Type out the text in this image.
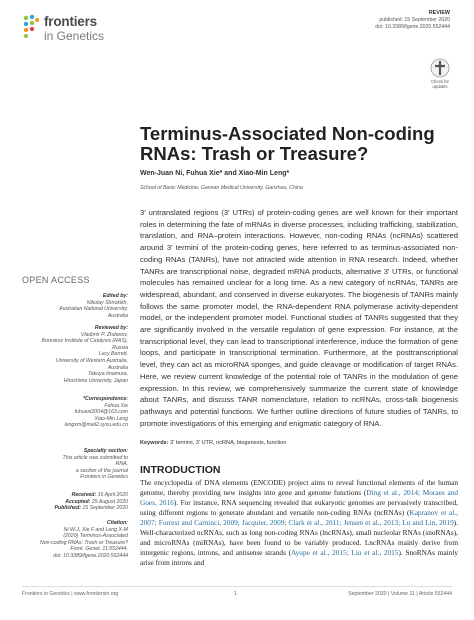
frontiers
in Genetics
REVIEW
published: 15 September 2020
doi: 10.3389/fgene.2020.552444
Check for updates
Terminus-Associated Non-coding RNAs: Trash or Treasure?
Wen-Juan Ni, Fuhua Xie* and Xiao-Min Leng*
School of Basic Medicine, Gannan Medical University, Ganzhou, China
3′ untranslated regions (3′ UTRs) of protein-coding genes are well known for their important roles in determining the fate of mRNAs in diverse processes, including trafficking, stabilization, translation, and RNA–protein interactions. However, non-coding RNAs (ncRNAs) scattered around 3′ termini of the protein-coding genes, here referred to as terminus-associated non-coding RNAs (TANRs), have not attracted wide attention in RNA research. Indeed, whether TANRs are transcriptional noise, degraded mRNA products, alternative 3′ UTRs, or functional molecules has remained unclear for a long time. As a new category of ncRNAs, TANRs are widespread, abundant, and conserved in diverse eukaryotes. The biogenesis of TANRs mainly follows the same promoter model, the RNA-dependent RNA polymerase activity-dependent model, or the independent promoter model. Functional studies of TANRs suggested that they are significantly involved in the versatile regulation of gene expression. For instance, at the transcriptional level, they can lead to transcriptional interference, induce the formation of gene loops, and participate in transcriptional termination. Furthermore, at the posttranscriptional level, they can act as microRNA sponges, and guide cleavage or modification of target RNAs. Here, we review current knowledge of the potential role of TANRs in the modulation of gene expression. In this review, we comprehensively summarize the current state of knowledge about TANRs, and discuss TANR nomenclature, relation to ncRNAs, cross-talk biogenesis pathways and potential functions. We further outline directions of future studies of TANRs, to promote investigations of this emerging and enigmatic category of RNA.
Keywords: 3′ termini, 3′ UTR, ncRNA, biogenesis, function
OPEN ACCESS
Edited by:
Nikolay Shirokikh,
Australian National University,
Australia
Reviewed by:
Vladimir P. Zhdanov,
Boreskov Institute of Catalysis (RAS),
Russia
Lucy Barrett,
University of Western Australia,
Australia
Takuya Imamura,
Hiroshima University, Japan
*Correspondence:
Fuhua Xie
fuhuaxi2004@163.com
Xiao-Min Leng
lengxm@mail2.sysu.edu.cn
Specialty section:
This article was submitted to
RNA,
a section of the journal
Frontiers in Genetics
Received: 16 April 2020
Accepted: 25 August 2020
Published: 15 September 2020
Citation:
Ni W-J, Xie F and Leng X-M
(2020) Terminus-Associated
Non-coding RNAs: Trash or Treasure?
Front. Genet. 11:552444.
doi: 10.3389/fgene.2020.552444
INTRODUCTION
The encyclopedia of DNA elements (ENCODE) project aims to reveal functional elements of the human genome, thereby providing new insights into gene and genome functions (Ding et al., 2014; Moraes and Goes, 2016). For instance, RNA sequencing revealed that eukaryotic genomes are pervasively transcribed, using different regions to generate abundant and versatile non-coding RNAs (ncRNAs) (Kapranov et al., 2007; Forrest and Carninci, 2009; Jacquier, 2009; Clark et al., 2011; Jensen et al., 2013; Lu and Lin, 2019). Well-characterized ncRNAs, such as long non-coding RNAs (lncRNAs), small nucleolar RNAs (snoRNAs), and microRNAs (miRNAs), have been found to be variably produced. LncRNAs mainly derive from intergenic regions, introns, and antisense strands (Ayupe et al., 2015; Liu et al., 2015). SnoRNAs mainly arise from introns and
Frontiers in Genetics | www.frontiersin.org	1	September 2020 | Volume 11 | Article 552444
